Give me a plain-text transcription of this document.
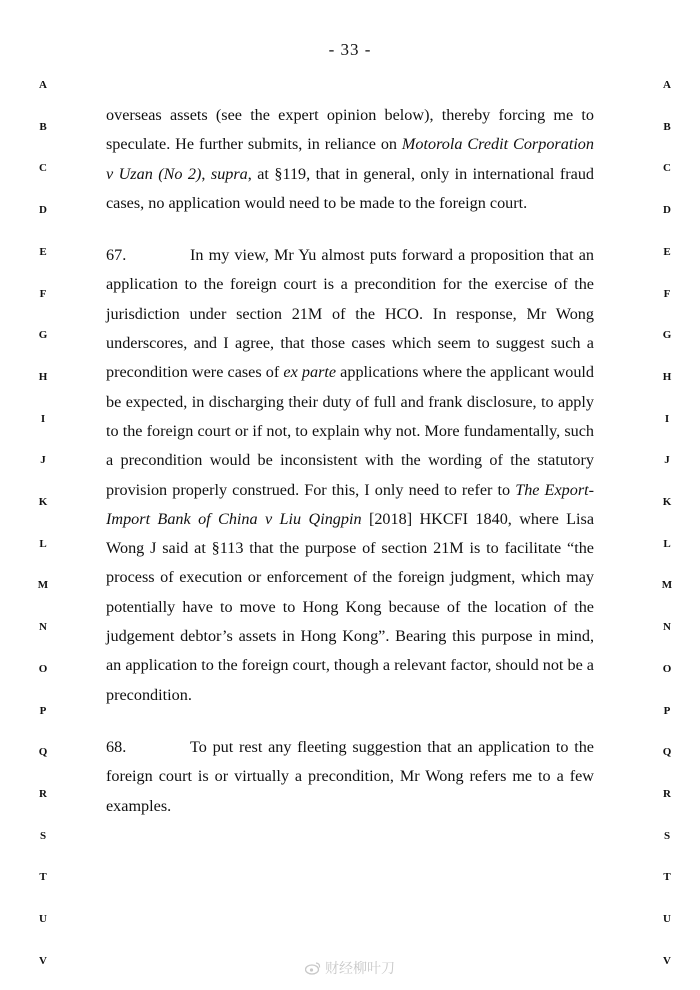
- 33 -
A
B
C
D
E
F
G
H
I
J
K
L
M
N
O
P
Q
R
S
T
U
V
A
B
C
D
E
F
G
H
I
J
K
L
M
N
O
P
Q
R
S
T
U
V

overseas assets (see the expert opinion below), thereby forcing me to speculate. He further submits, in reliance on Motorola Credit Corporation v Uzan (No 2), supra, at §119, that in general, only in international fraud cases, no application would need to be made to the foreign court.

67.	In my view, Mr Yu almost puts forward a proposition that an application to the foreign court is a precondition for the exercise of the jurisdiction under section 21M of the HCO. In response, Mr Wong underscores, and I agree, that those cases which seem to suggest such a precondition were cases of ex parte applications where the applicant would be expected, in discharging their duty of full and frank disclosure, to apply to the foreign court or if not, to explain why not. More fundamentally, such a precondition would be inconsistent with the wording of the statutory provision properly construed. For this, I only need to refer to The Export-Import Bank of China v Liu Qingpin [2018] HKCFI 1840, where Lisa Wong J said at §113 that the purpose of section 21M is to facilitate “the process of execution or enforcement of the foreign judgment, which may potentially have to move to Hong Kong because of the location of the judgement debtor’s assets in Hong Kong”. Bearing this purpose in mind, an application to the foreign court, though a relevant factor, should not be a precondition.

68.	To put rest any fleeting suggestion that an application to the foreign court is or virtually a precondition, Mr Wong refers me to a few examples.

财经柳叶刀
